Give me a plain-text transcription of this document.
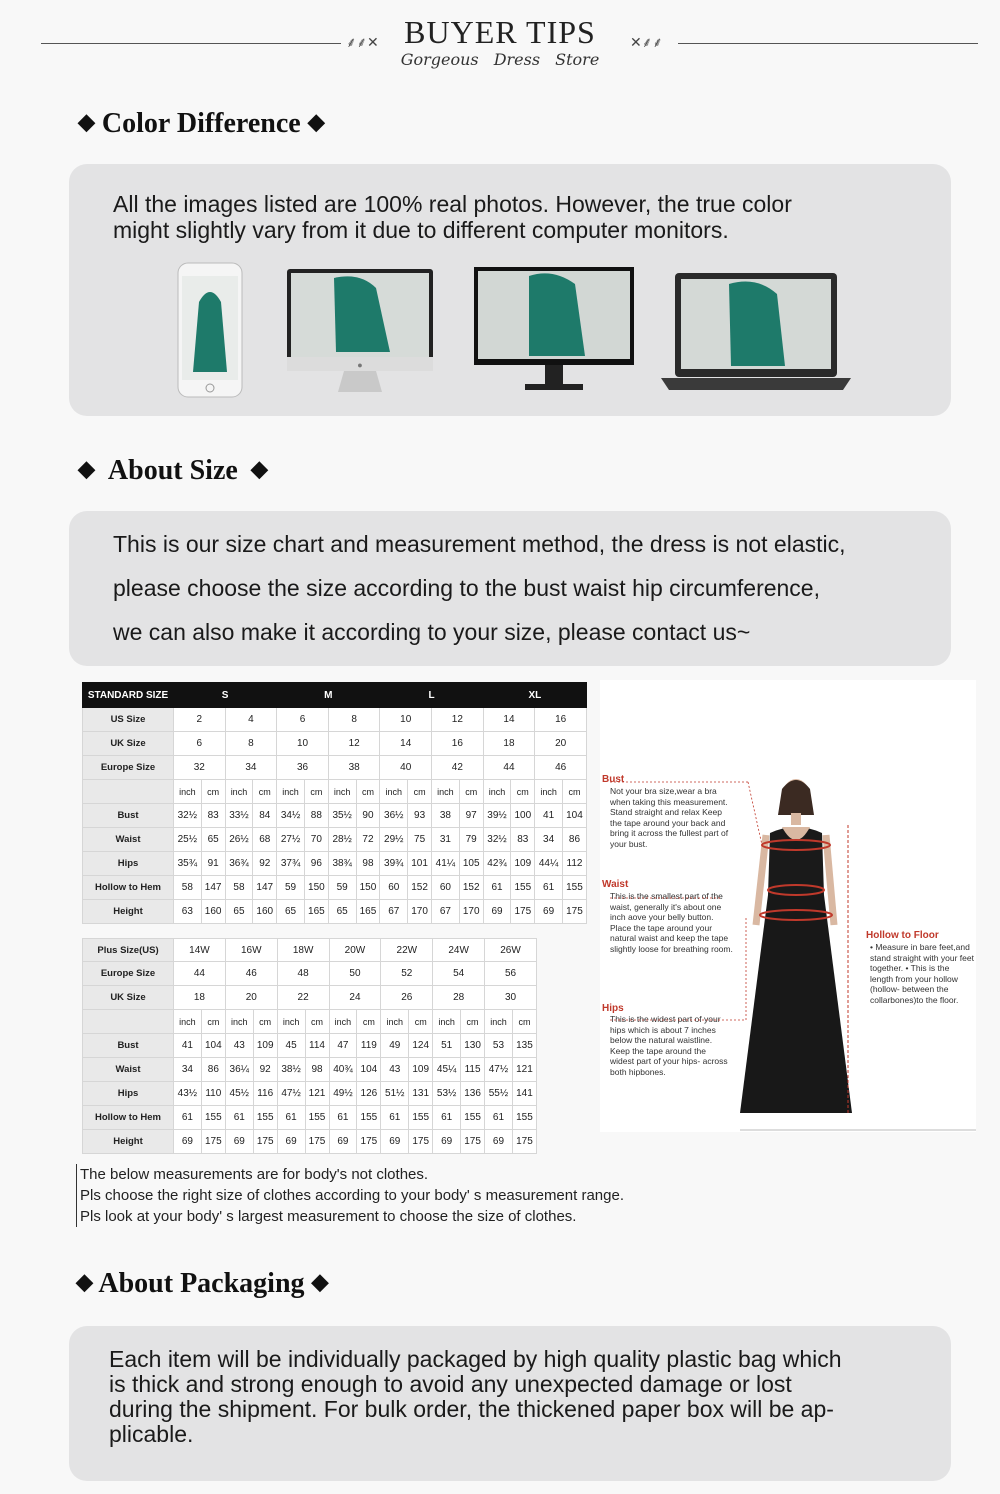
⸙⸙✕	✕⸙⸙
BUYER TIPS
Gorgeous Dress Store
◆ Color Difference ◆
All the images listed are 100% real photos. However, the true color
might slightly vary from it due to different computer monitors.
●
◆ About Size ◆
This is our size chart and measurement method, the dress is not elastic,
please choose the size according to the bust waist hip circumference,
we can also make it according to your size, please contact us~
STANDARD SIZE	S				M				L				XL			
US Size	2		4		6		8		10		12		14		16	
UK Size	6		8		10		12		14		16		18		20	
Europe Size	32		34		36		38		40		42		44		46	
	inch	cm	inch	cm	inch	cm	inch	cm	inch	cm	inch	cm	inch	cm	inch	cm
Bust	32½	83	33½	84	34½	88	35½	90	36½	93	38	97	39½	100	41	104
Waist	25½	65	26½	68	27½	70	28½	72	29½	75	31	79	32½	83	34	86
Hips	35¾	91	36¾	92	37¾	96	38¾	98	39¾	101	41¼	105	42¾	109	44¼	112
Hollow to Hem	58	147	58	147	59	150	59	150	60	152	60	152	61	155	61	155
Height	63	160	65	160	65	165	65	165	67	170	67	170	69	175	69	175
Plus Size(US)	14W		16W		18W		20W		22W		24W		26W	
Europe Size	44		46		48		50		52		54		56	
UK Size	18		20		22		24		26		28		30	
	inch	cm	inch	cm	inch	cm	inch	cm	inch	cm	inch	cm	inch	cm
Bust	41	104	43	109	45	114	47	119	49	124	51	130	53	135
Waist	34	86	36¼	92	38½	98	40¾	104	43	109	45¼	115	47½	121
Hips	43½	110	45½	116	47½	121	49½	126	51½	131	53½	136	55½	141
Hollow to Hem	61	155	61	155	61	155	61	155	61	155	61	155	61	155
Height	69	175	69	175	69	175	69	175	69	175	69	175	69	175
Bust
Not your bra size,wear a bra when taking this measurement. Stand straight and relax Keep the tape around your back and bring it across the fullest part of your bust.
Waist
This is the smallest part of the waist, generally it's about one inch aove your belly button. Place the tape around your natural waist and keep the tape slightly loose for breathing room.
Hips
This is the widest part of your hips which is about 7 inches below the natural waistline. Keep the tape around the widest part of your hips- across both hipbones.
Hollow to Floor
• Measure in bare feet,and stand straight with your feet together. • This is the length from your hollow (hollow- between the collarbones)to the floor.
The below measurements are for body's not clothes.
Pls choose the right size of clothes according to your body' s measurement range.
Pls look at your body' s largest measurement to choose the size of clothes.
◆ About Packaging ◆
Each item will be individually packaged by high quality plastic bag which
is thick and strong enough to avoid any unexpected damage or lost
during the shipment. For bulk order, the thickened paper box will be ap-
plicable.
